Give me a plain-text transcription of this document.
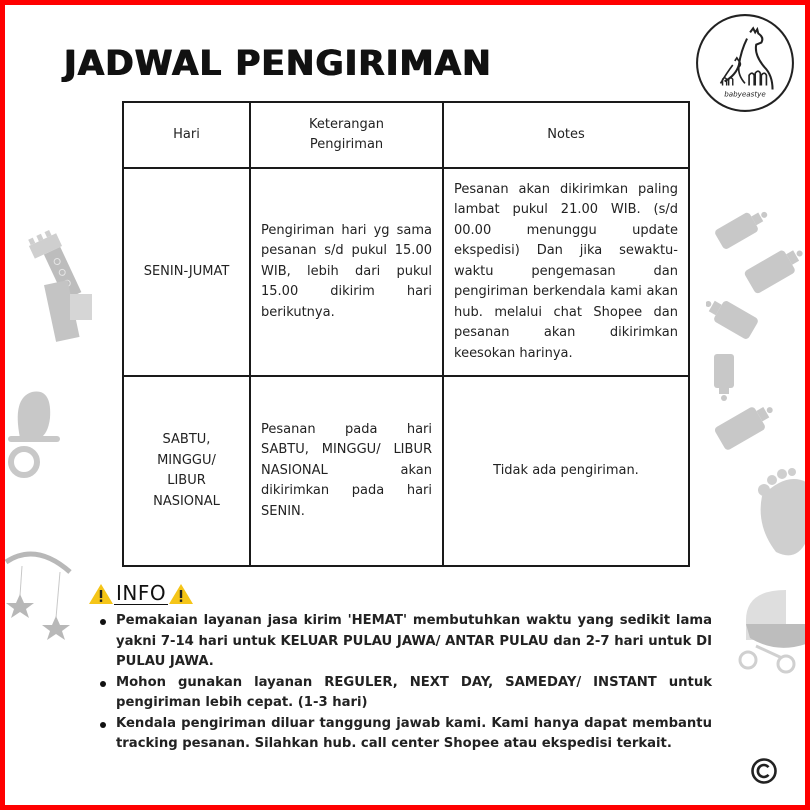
JADWAL PENGIRIMAN
babyeastye
Hari	Keterangan Pengiriman	Notes
SENIN-JUMAT	Pengiriman hari yg sama pesanan s/d pukul 15.00 WIB, lebih dari pukul 15.00 dikirim hari berikutnya.	Pesanan akan dikirimkan paling lambat pukul 21.00 WIB. (s/d 00.00 menunggu update ekspedisi) Dan jika sewaktu-waktu pengemasan dan pengiriman berkendala kami akan hub. melalui chat Shopee dan pesanan akan dikirimkan keesokan harinya.
SABTU, MINGGU/ LIBUR NASIONAL	Pesanan pada hari SABTU, MINGGU/ LIBUR NASIONAL akan dikirimkan pada hari SENIN.	Tidak ada pengiriman.
INFO
Pemakaian layanan jasa kirim 'HEMAT' membutuhkan waktu yang sedikit lama yakni 7-14 hari untuk KELUAR PULAU JAWA/ ANTAR PULAU dan 2-7 hari untuk DI PULAU JAWA.
Mohon gunakan layanan REGULER, NEXT DAY, SAMEDAY/ INSTANT untuk pengiriman lebih cepat. (1-3 hari)
Kendala pengiriman diluar tanggung jawab kami. Kami hanya dapat membantu tracking pesanan. Silahkan hub. call center Shopee atau ekspedisi terkait.
